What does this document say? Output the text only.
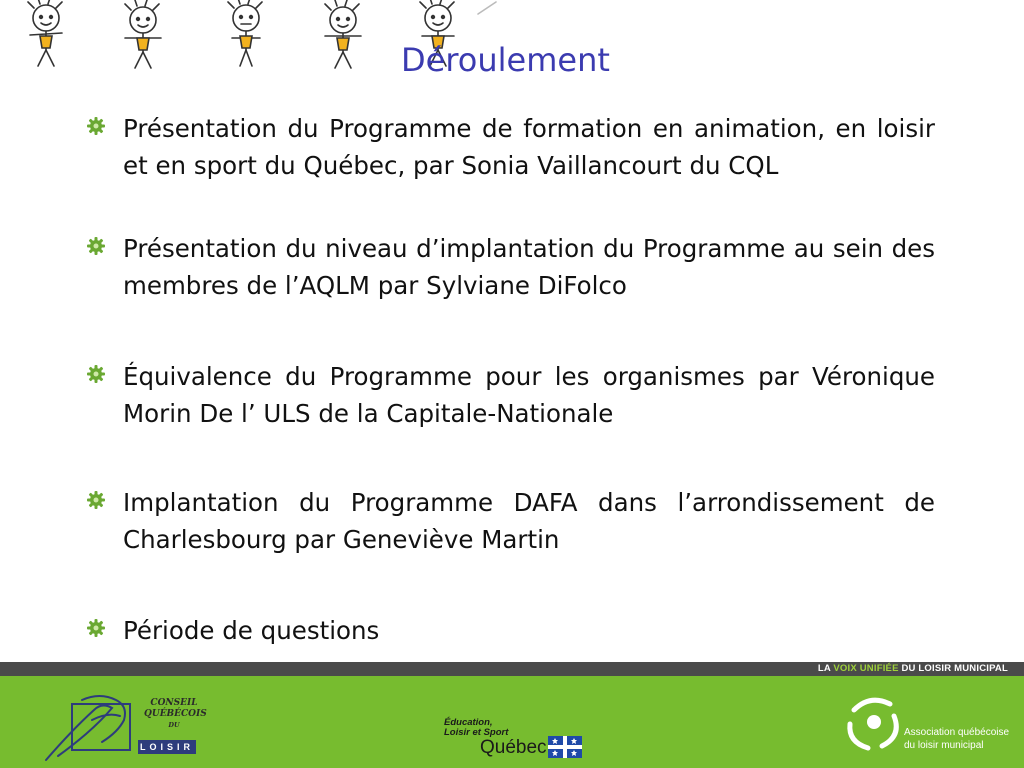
Déroulement
Présentation du Programme de formation en animation, en loisir et en sport du Québec, par Sonia Vaillancourt du CQL
Présentation du niveau d’implantation du Programme au sein des membres de l’AQLM par Sylviane DiFolco
Équivalence du Programme pour les organismes par Véronique Morin De l’ ULS de la Capitale-Nationale
Implantation du Programme DAFA dans l’arrondissement de Charlesbourg par Geneviève Martin
Période de questions
LA VOIX UNIFIÉE DU LOISIR MUNICIPAL
CONSEIL
QUÉBÉCOIS

DU
LOISIR
Éducation,
Loisir et Sport
Québec
Association québécoise
du loisir municipal
